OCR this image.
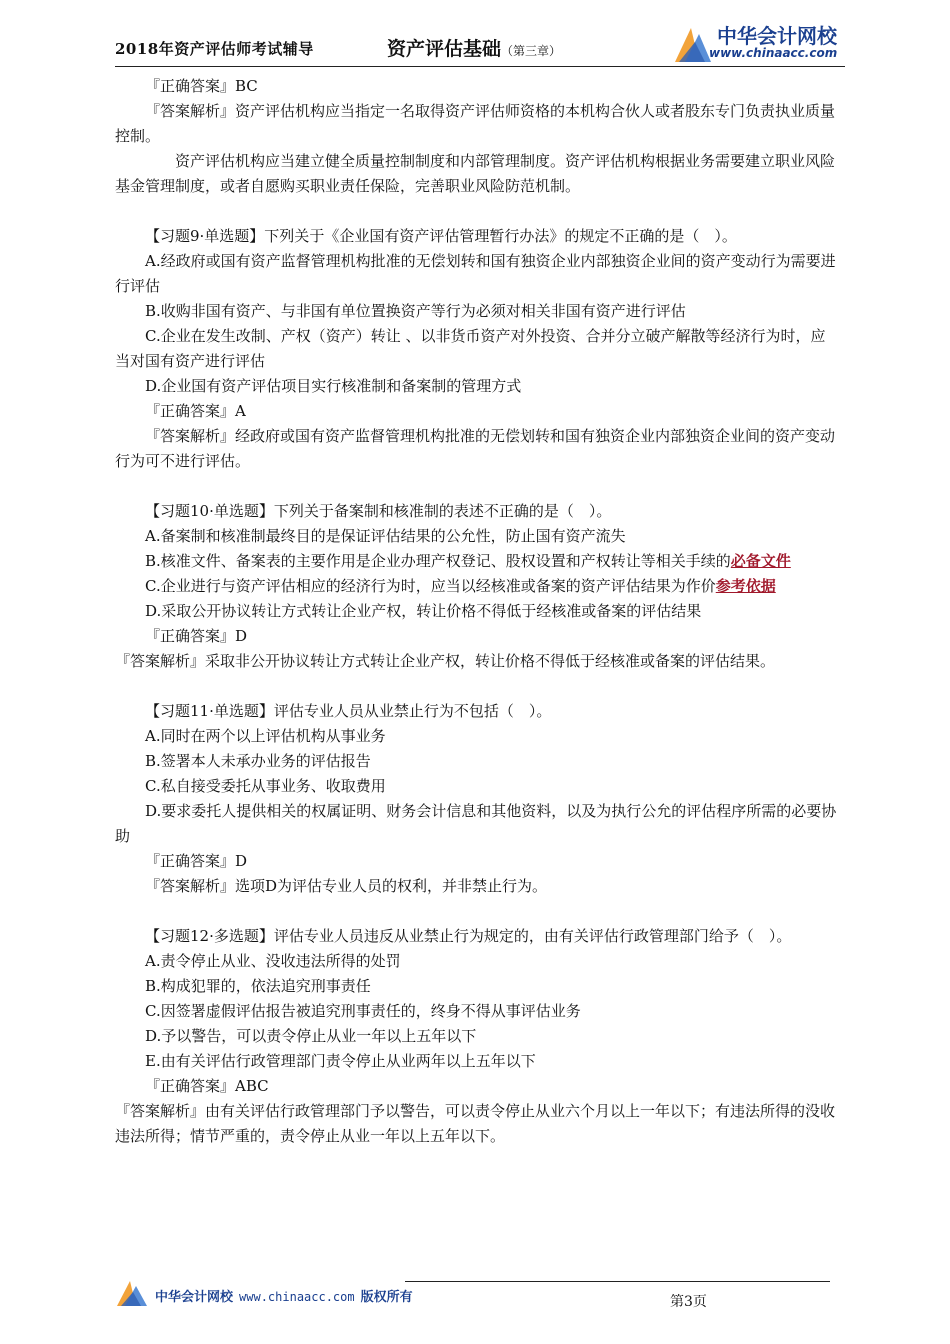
2018年资产评估师考试辅导	资产评估基础（第三章）
中华会计网校
www.chinaacc.com

『正确答案』BC

『答案解析』资产评估机构应当指定一名取得资产评估师资格的本机构合伙人或者股东专门负责执业质量控制。

资产评估机构应当建立健全质量控制制度和内部管理制度。资产评估机构根据业务需要建立职业风险基金管理制度，或者自愿购买职业责任保险，完善职业风险防范机制。

【习题9·单选题】下列关于《企业国有资产评估管理暂行办法》的规定不正确的是（　）。

A.经政府或国有资产监督管理机构批准的无偿划转和国有独资企业内部独资企业间的资产变动行为需要进行评估

B.收购非国有资产、与非国有单位置换资产等行为必须对相关非国有资产进行评估

C.企业在发生改制、产权（资产）转让 、以非货币资产对外投资、合并分立破产解散等经济行为时，应当对国有资产进行评估

D.企业国有资产评估项目实行核准制和备案制的管理方式

『正确答案』A

『答案解析』经政府或国有资产监督管理机构批准的无偿划转和国有独资企业内部独资企业间的资产变动行为可不进行评估。

【习题10·单选题】下列关于备案制和核准制的表述不正确的是（　）。

A.备案制和核准制最终目的是保证评估结果的公允性，防止国有资产流失

B.核准文件、备案表的主要作用是企业办理产权登记、股权设置和产权转让等相关手续的必备文件

C.企业进行与资产评估相应的经济行为时，应当以经核准或备案的资产评估结果为作价参考依据

D.采取公开协议转让方式转让企业产权，转让价格不得低于经核准或备案的评估结果

『正确答案』D

『答案解析』采取非公开协议转让方式转让企业产权，转让价格不得低于经核准或备案的评估结果。

【习题11·单选题】评估专业人员从业禁止行为不包括（　）。

A.同时在两个以上评估机构从事业务

B.签署本人未承办业务的评估报告

C.私自接受委托从事业务、收取费用

D.要求委托人提供相关的权属证明、财务会计信息和其他资料，以及为执行公允的评估程序所需的必要协助

『正确答案』D

『答案解析』选项D为评估专业人员的权利，并非禁止行为。

【习题12·多选题】评估专业人员违反从业禁止行为规定的，由有关评估行政管理部门给予（　）。

A.责令停止从业、没收违法所得的处罚

B.构成犯罪的，依法追究刑事责任

C.因签署虚假评估报告被追究刑事责任的，终身不得从事评估业务

D.予以警告，可以责令停止从业一年以上五年以下

E.由有关评估行政管理部门责令停止从业两年以上五年以下

『正确答案』ABC

『答案解析』由有关评估行政管理部门予以警告，可以责令停止从业六个月以上一年以下；有违法所得的没收违法所得；情节严重的，责令停止从业一年以上五年以下。

中华会计网校 www.chinaacc.com 版权所有	第3页
